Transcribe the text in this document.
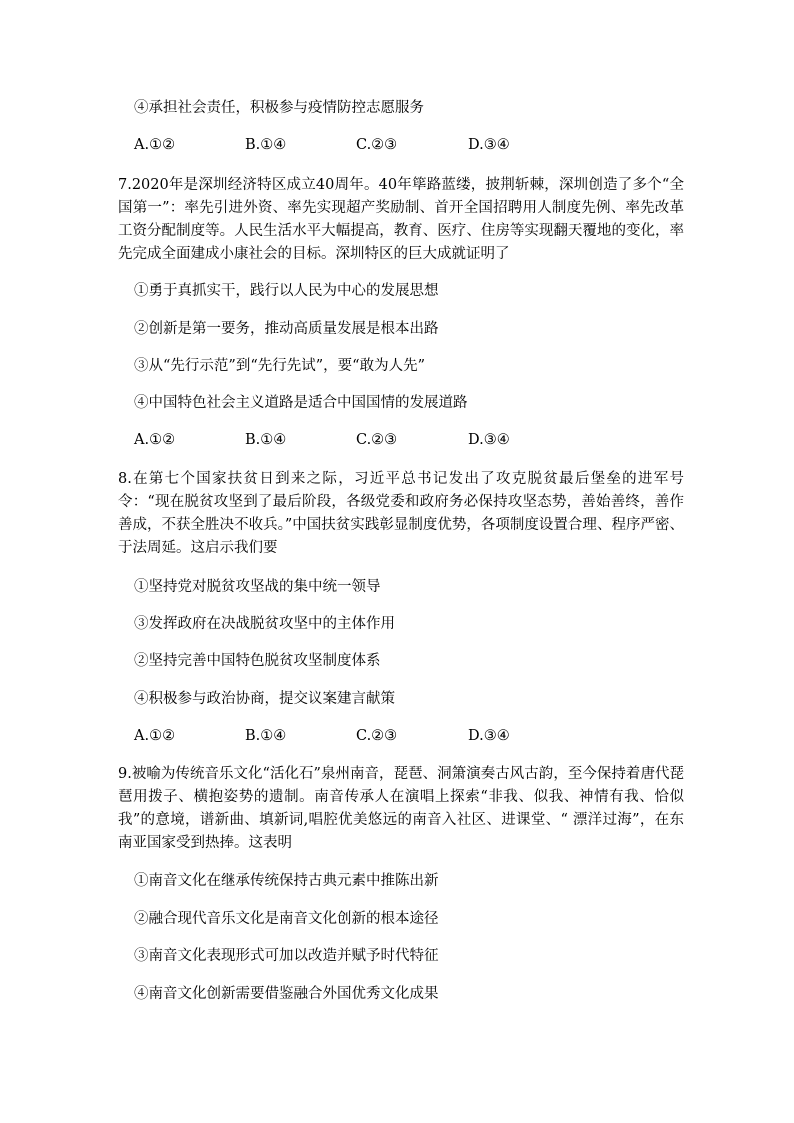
④承担社会责任，积极参与疫情防控志愿服务
A.①②	B.①④	C.②③	D.③④
7.2020年是深圳经济特区成立40周年。40年筚路蓝缕，披荆斩棘，深圳创造了多个“全国第一”：率先引进外资、率先实现超产奖励制、首开全国招聘用人制度先例、率先改革工资分配制度等。人民生活水平大幅提高，教育、医疗、住房等实现翻天覆地的变化，率先完成全面建成小康社会的目标。深圳特区的巨大成就证明了
①勇于真抓实干，践行以人民为中心的发展思想
②创新是第一要务，推动高质量发展是根本出路
③从“先行示范”到“先行先试”，要“敢为人先”
④中国特色社会主义道路是适合中国国情的发展道路
A.①②	B.①④	C.②③	D.③④
8.在第七个国家扶贫日到来之际，习近平总书记发出了攻克脱贫最后堡垒的进军号令：“现在脱贫攻坚到了最后阶段，各级党委和政府务必保持攻坚态势，善始善终，善作善成，不获全胜决不收兵。”中国扶贫实践彰显制度优势，各项制度设置合理、程序严密、于法周延。这启示我们要
①坚持党对脱贫攻坚战的集中统一领导
③发挥政府在决战脱贫攻坚中的主体作用
②坚持完善中国特色脱贫攻坚制度体系
④积极参与政治协商，提交议案建言献策
A.①②	B.①④	C.②③	D.③④
9.被喻为传统音乐文化“活化石”泉州南音，琵琶、洞箫演奏古风古韵，至今保持着唐代琵琶用拨子、横抱姿势的遗制。南音传承人在演唱上探索“非我、似我、神情有我、恰似我”的意境，谱新曲、填新词,唱腔优美悠远的南音入社区、进课堂、“ 漂洋过海”，在东南亚国家受到热捧。这表明
①南音文化在继承传统保持古典元素中推陈出新
②融合现代音乐文化是南音文化创新的根本途径
③南音文化表现形式可加以改造并赋予时代特征
④南音文化创新需要借鉴融合外国优秀文化成果
